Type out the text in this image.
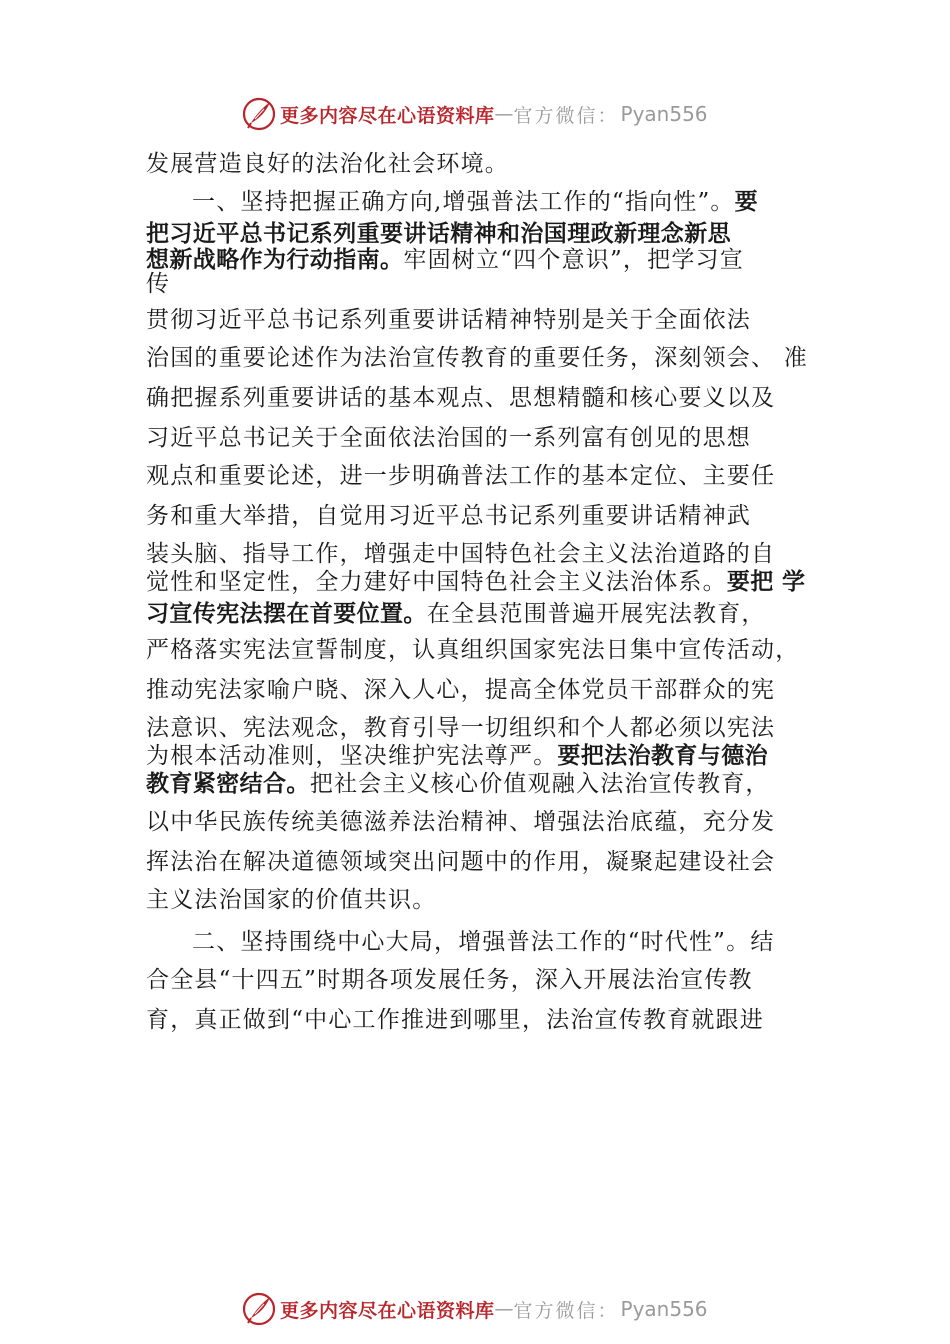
更多内容尽在心语资料库 — 官方微信： Pyan556
发展营造良好的法治化社会环境。
一、坚持把握正确方向,增强普法工作的“指向性”。要
把习近平总书记系列重要讲话精神和治国理政新理念新思
想新战略作为行动指南。牢固树立“四个意识”，把学习宣
传
贯彻习近平总书记系列重要讲话精神特别是关于全面依法
治国的重要论述作为法治宣传教育的重要任务，深刻领会、 准
确把握系列重要讲话的基本观点、思想精髓和核心要义以及
习近平总书记关于全面依法治国的一系列富有创见的思想
观点和重要论述，进一步明确普法工作的基本定位、主要任
务和重大举措，自觉用习近平总书记系列重要讲话精神武
装头脑、指导工作，增强走中国特色社会主义法治道路的自
觉性和坚定性，全力建好中国特色社会主义法治体系。要把 学
习宣传宪法摆在首要位置。在全县范围普遍开展宪法教育，
严格落实宪法宣誓制度，认真组织国家宪法日集中宣传活动，
推动宪法家喻户晓、深入人心，提高全体党员干部群众的宪
法意识、宪法观念，教育引导一切组织和个人都必须以宪法
为根本活动准则，坚决维护宪法尊严。要把法治教育与德治
教育紧密结合。把社会主义核心价值观融入法治宣传教育，
以中华民族传统美德滋养法治精神、增强法治底蕴，充分发
挥法治在解决道德领域突出问题中的作用，凝聚起建设社会
主义法治国家的价值共识。
二、坚持围绕中心大局，增强普法工作的“时代性”。结
合全县“十四五”时期各项发展任务，深入开展法治宣传教
育，真正做到“中心工作推进到哪里，法治宣传教育就跟进
更多内容尽在心语资料库 — 官方微信： Pyan556
